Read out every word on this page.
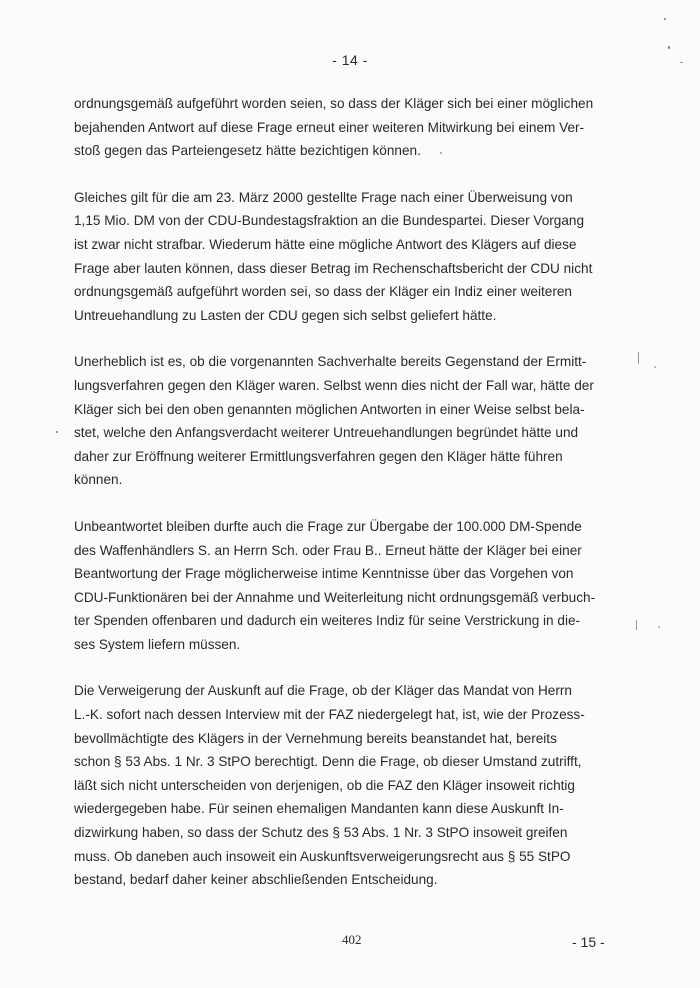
- 14 -

ordnungsgemäß aufgeführt worden seien, so dass der Kläger sich bei einer möglichen
bejahenden Antwort auf diese Frage erneut einer weiteren Mitwirkung bei einem Ver-
stoß gegen das Parteiengesetz hätte bezichtigen können.

Gleiches gilt für die am 23. März 2000 gestellte Frage nach einer Überweisung von
1,15 Mio. DM von der CDU-Bundestagsfraktion an die Bundespartei. Dieser Vorgang
ist zwar nicht strafbar. Wiederum hätte eine mögliche Antwort des Klägers auf diese
Frage aber lauten können, dass dieser Betrag im Rechenschaftsbericht der CDU nicht
ordnungsgemäß aufgeführt worden sei, so dass der Kläger ein Indiz einer weiteren
Untreuehandlung zu Lasten der CDU gegen sich selbst geliefert hätte.

Unerheblich ist es, ob die vorgenannten Sachverhalte bereits Gegenstand der Ermitt-
lungsverfahren gegen den Kläger waren. Selbst wenn dies nicht der Fall war, hätte der
Kläger sich bei den oben genannten möglichen Antworten in einer Weise selbst bela-
stet, welche den Anfangsverdacht weiterer Untreuehandlungen begründet hätte und
daher zur Eröffnung weiterer Ermittlungsverfahren gegen den Kläger hätte führen
können.

Unbeantwortet bleiben durfte auch die Frage zur Übergabe der 100.000 DM-Spende
des Waffenhändlers S. an Herrn Sch. oder Frau B.. Erneut hätte der Kläger bei einer
Beantwortung der Frage möglicherweise intime Kenntnisse über das Vorgehen von
CDU-Funktionären bei der Annahme und Weiterleitung nicht ordnungsgemäß verbuch-
ter Spenden offenbaren und dadurch ein weiteres Indiz für seine Verstrickung in die-
ses System liefern müssen.

Die Verweigerung der Auskunft auf die Frage, ob der Kläger das Mandat von Herrn
L.-K. sofort nach dessen Interview mit der FAZ niedergelegt hat, ist, wie der Prozess-
bevollmächtigte des Klägers in der Vernehmung bereits beanstandet hat, bereits
schon § 53 Abs. 1 Nr. 3 StPO berechtigt. Denn die Frage, ob dieser Umstand zutrifft,
läßt sich nicht unterscheiden von derjenigen, ob die FAZ den Kläger insoweit richtig
wiedergegeben habe. Für seinen ehemaligen Mandanten kann diese Auskunft In-
dizwirkung haben, so dass der Schutz des § 53 Abs. 1 Nr. 3 StPO insoweit greifen
muss. Ob daneben auch insoweit ein Auskunftsverweigerungsrecht aus § 55 StPO
bestand, bedarf daher keiner abschließenden Entscheidung.

402	- 15 -
